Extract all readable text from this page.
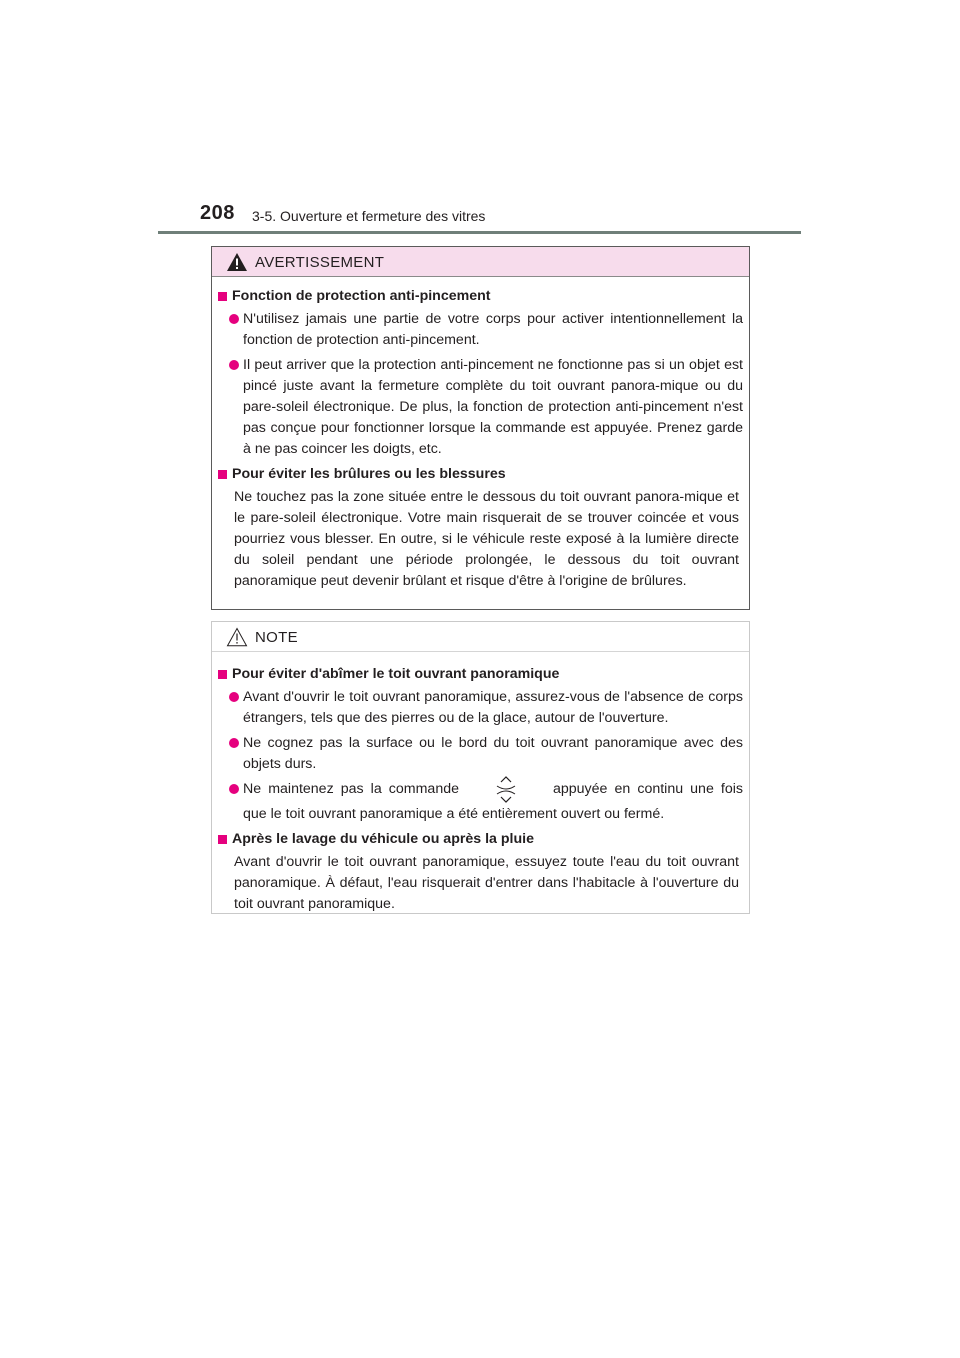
208 3-5. Ouverture et fermeture des vitres
AVERTISSEMENT
Fonction de protection anti-pincement
N'utilisez jamais une partie de votre corps pour activer intentionnellement la fonction de protection anti-pincement.
Il peut arriver que la protection anti-pincement ne fonctionne pas si un objet est pincé juste avant la fermeture complète du toit ouvrant panora-mique ou du pare-soleil électronique. De plus, la fonction de protection anti-pincement n'est pas conçue pour fonctionner lorsque la commande est appuyée. Prenez garde à ne pas coincer les doigts, etc.
Pour éviter les brûlures ou les blessures
Ne touchez pas la zone située entre le dessous du toit ouvrant panora-mique et le pare-soleil électronique. Votre main risquerait de se trouver coincée et vous pourriez vous blesser. En outre, si le véhicule reste exposé à la lumière directe du soleil pendant une période prolongée, le dessous du toit ouvrant panoramique peut devenir brûlant et risque d'être à l'origine de brûlures.
NOTE
Pour éviter d'abîmer le toit ouvrant panoramique
Avant d'ouvrir le toit ouvrant panoramique, assurez-vous de l'absence de corps étrangers, tels que des pierres ou de la glace, autour de l'ouverture.
Ne cognez pas la surface ou le bord du toit ouvrant panoramique avec des objets durs.
Ne maintenez pas la commande	appuyée en continu une fois que le toit ouvrant panoramique a été entièrement ouvert ou fermé.
Après le lavage du véhicule ou après la pluie
Avant d'ouvrir le toit ouvrant panoramique, essuyez toute l'eau du toit ouvrant panoramique. À défaut, l'eau risquerait d'entrer dans l'habitacle à l'ouverture du toit ouvrant panoramique.
